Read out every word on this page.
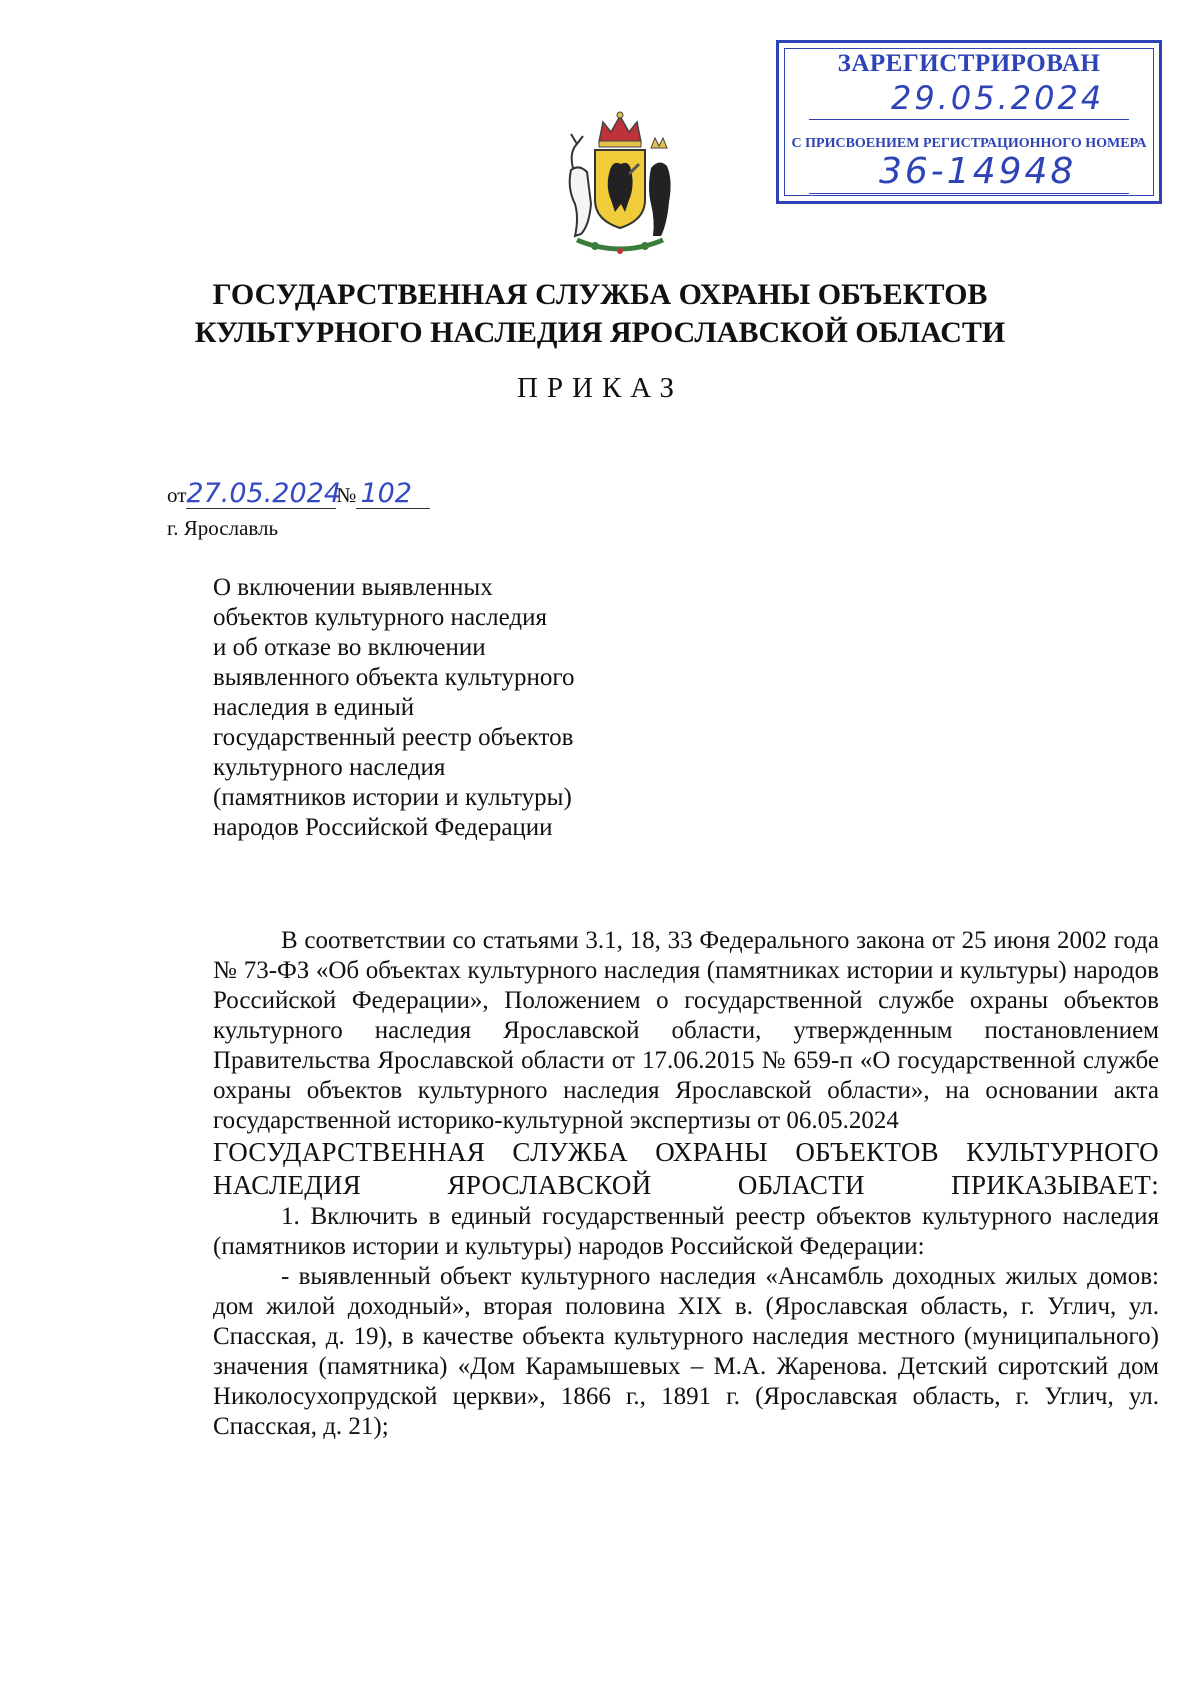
ЗАРЕГИСТРИРОВАН
29.05.2024
С ПРИСВОЕНИЕМ РЕГИСТРАЦИОННОГО НОМЕРА
36-14948
ГОСУДАРСТВЕННАЯ СЛУЖБА ОХРАНЫ ОБЪЕКТОВ
КУЛЬТУРНОГО НАСЛЕДИЯ ЯРОСЛАВСКОЙ ОБЛАСТИ
ПРИКАЗ
от27.05.2024№ 102
г. Ярославль
О включении выявленных
объектов культурного наследия
и об отказе во включении
выявленного объекта культурного
наследия в единый
государственный реестр объектов
культурного наследия
(памятников истории и культуры)
народов Российской Федерации

В соответствии со статьями 3.1, 18, 33 Федерального закона от 25 июня 2002 года № 73-ФЗ «Об объектах культурного наследия (памятниках истории и культуры) народов Российской Федерации», Положением о государственной службе охраны объектов культурного наследия Ярославской области, утвержденным постановлением Правительства Ярославской области от 17.06.2015 № 659-п «О государственной службе охраны объектов культурного наследия Ярославской области», на основании акта государственной историко-культурной экспертизы от 06.05.2024

ГОСУДАРСТВЕННАЯ СЛУЖБА ОХРАНЫ ОБЪЕКТОВ КУЛЬТУРНОГО НАСЛЕДИЯ ЯРОСЛАВСКОЙ ОБЛАСТИ ПРИКАЗЫВАЕТ:

1. Включить в единый государственный реестр объектов культурного наследия (памятников истории и культуры) народов Российской Федерации:

- выявленный объект культурного наследия «Ансамбль доходных жилых домов: дом жилой доходный», вторая половина XIX в. (Ярославская область, г. Углич, ул. Спасская, д. 19), в качестве объекта культурного наследия местного (муниципального) значения (памятника) «Дом Карамышевых – М.А. Жаренова. Детский сиротский дом Николосухопрудской церкви», 1866 г., 1891 г. (Ярославская область, г. Углич, ул. Спасская, д. 21);
